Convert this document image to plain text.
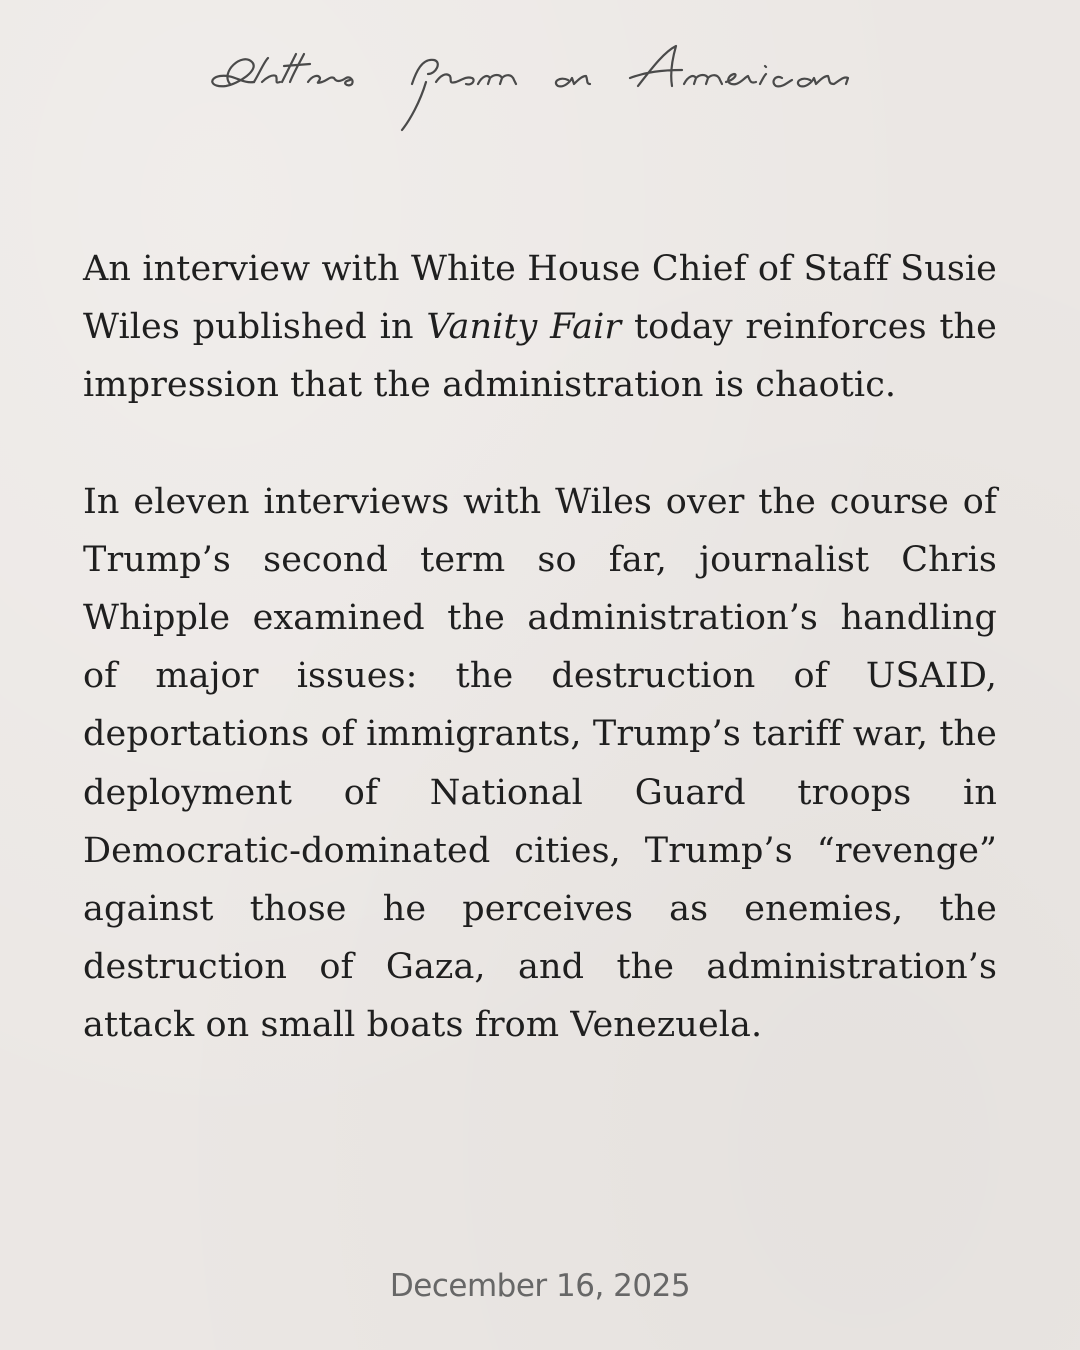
An interview with White House Chief of Staff Susie Wiles published in Vanity Fair today reinforces the impression that the administration is chaotic.

In eleven interviews with Wiles over the course of Trump’s second term so far, journalist Chris Whipple examined the administration’s handling of major issues: the destruction of USAID, deportations of immigrants, Trump’s tariff war, the deployment of National Guard troops in Democratic-dominated cities, Trump’s “revenge” against those he perceives as enemies, the destruction of Gaza, and the administration’s attack on small boats from Venezuela.

December 16, 2025
